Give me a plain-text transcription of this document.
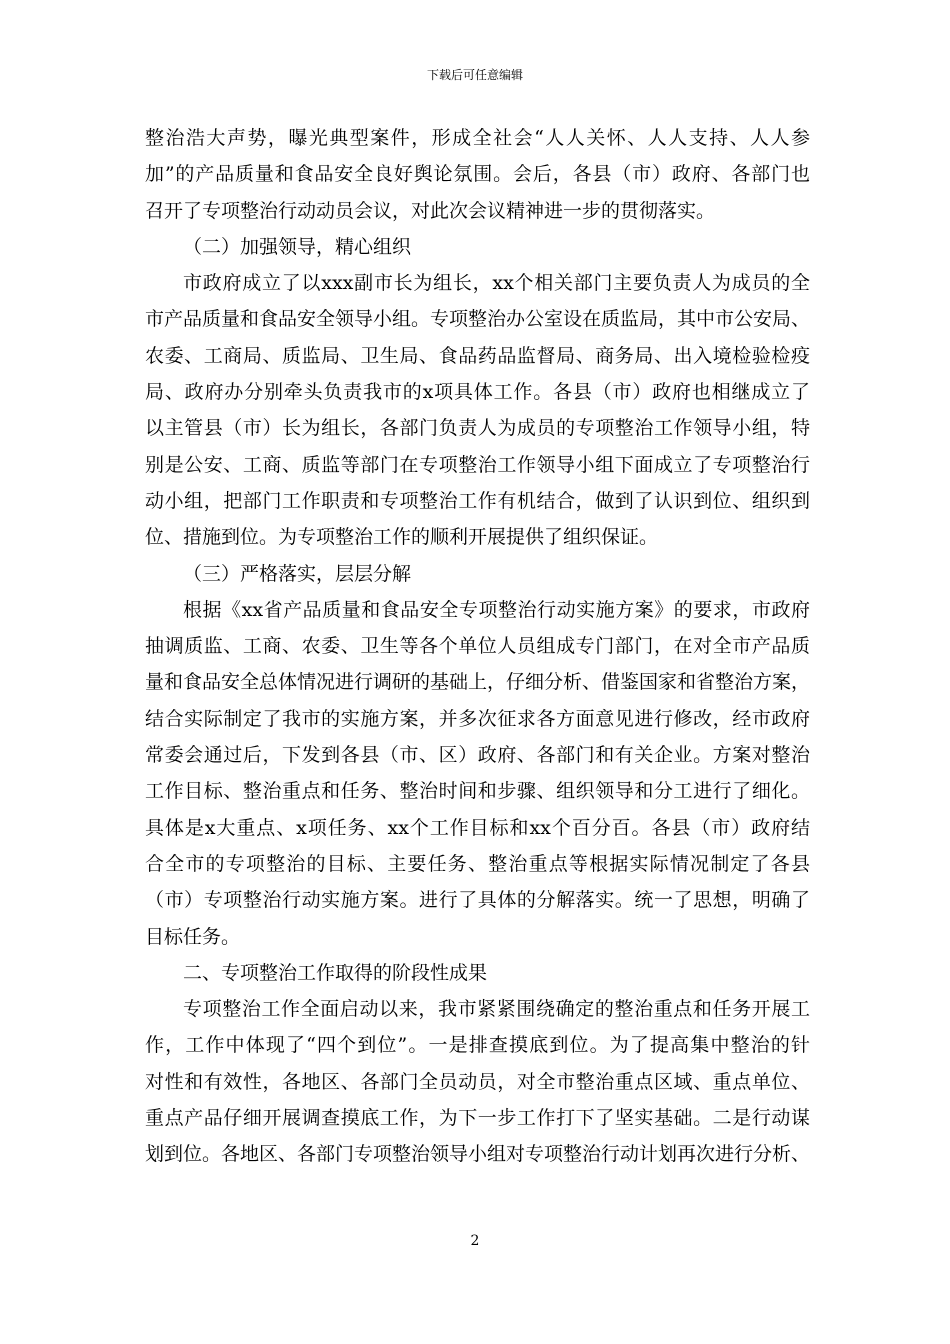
下载后可任意编辑
整治浩大声势，曝光典型案件，形成全社会“人人关怀、人人支持、人人参
加”的产品质量和食品安全良好舆论氛围。会后，各县（市）政府、各部门也
召开了专项整治行动动员会议，对此次会议精神进一步的贯彻落实。
（二）加强领导，精心组织
市政府成立了以xxx副市长为组长，xx个相关部门主要负责人为成员的全
市产品质量和食品安全领导小组。专项整治办公室设在质监局，其中市公安局、
农委、工商局、质监局、卫生局、食品药品监督局、商务局、出入境检验检疫
局、政府办分别牵头负责我市的x项具体工作。各县（市）政府也相继成立了
以主管县（市）长为组长，各部门负责人为成员的专项整治工作领导小组，特
别是公安、工商、质监等部门在专项整治工作领导小组下面成立了专项整治行
动小组，把部门工作职责和专项整治工作有机结合，做到了认识到位、组织到
位、措施到位。为专项整治工作的顺利开展提供了组织保证。
（三）严格落实，层层分解
根据《xx省产品质量和食品安全专项整治行动实施方案》的要求，市政府
抽调质监、工商、农委、卫生等各个单位人员组成专门部门，在对全市产品质
量和食品安全总体情况进行调研的基础上，仔细分析、借鉴国家和省整治方案，
结合实际制定了我市的实施方案，并多次征求各方面意见进行修改，经市政府
常委会通过后，下发到各县（市、区）政府、各部门和有关企业。方案对整治
工作目标、整治重点和任务、整治时间和步骤、组织领导和分工进行了细化。
具体是x大重点、x项任务、xx个工作目标和xx个百分百。各县（市）政府结
合全市的专项整治的目标、主要任务、整治重点等根据实际情况制定了各县
（市）专项整治行动实施方案。进行了具体的分解落实。统一了思想，明确了
目标任务。
二、专项整治工作取得的阶段性成果
专项整治工作全面启动以来，我市紧紧围绕确定的整治重点和任务开展工
作，工作中体现了“四个到位”。一是排查摸底到位。为了提高集中整治的针
对性和有效性，各地区、各部门全员动员，对全市整治重点区域、重点单位、
重点产品仔细开展调查摸底工作，为下一步工作打下了坚实基础。二是行动谋
划到位。各地区、各部门专项整治领导小组对专项整治行动计划再次进行分析、
2
